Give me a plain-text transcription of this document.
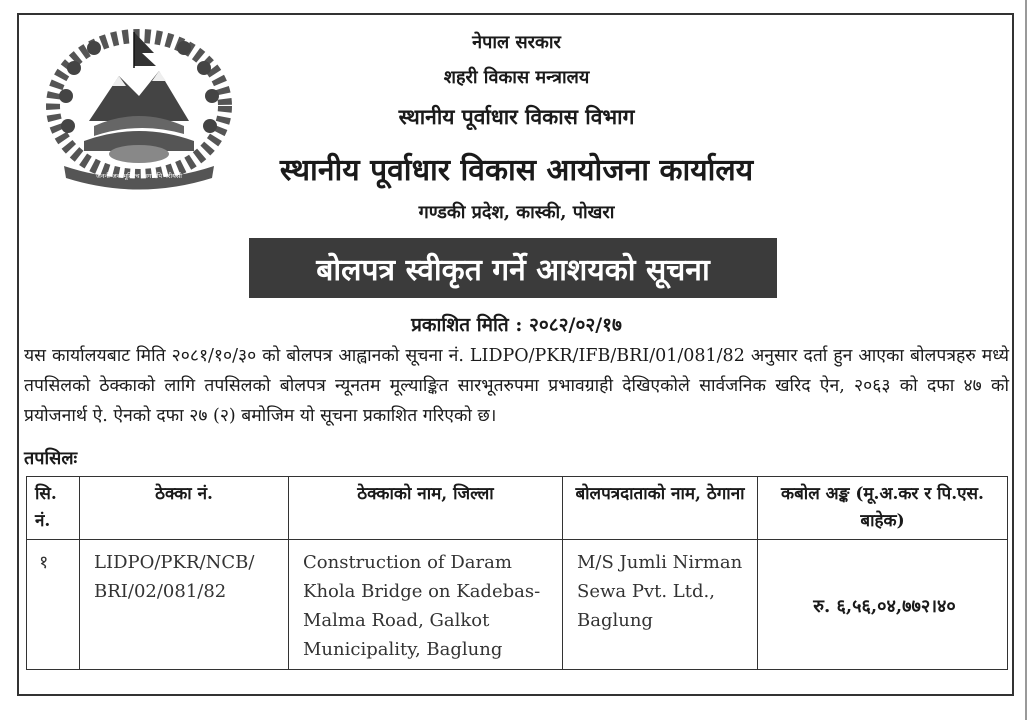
जननी जन्मभूमिश्च स्वर्गादपि गरीयसी
नेपाल सरकार
शहरी विकास मन्त्रालय
स्थानीय पूर्वाधार विकास विभाग
स्थानीय पूर्वाधार विकास आयोजना कार्यालय
गण्डकी प्रदेश, कास्की, पोखरा
बोलपत्र स्वीकृत गर्ने आशयको सूचना
प्रकाशित मिति : २०८२/०२/१७
यस कार्यालयबाट मिति २०८१/१०/३० को बोलपत्र आह्वानको सूचना नं. LIDPO/PKR/IFB/BRI/01/081/82 अनुसार दर्ता हुन आएका बोलपत्रहरु मध्ये तपसिलको ठेक्काको लागि तपसिलको बोलपत्र न्यूनतम मूल्याङ्कित सारभूतरुपमा प्रभावग्राही देखिएकोले सार्वजनिक खरिद ऐन, २०६३ को दफा ४७ को प्रयोजनार्थ ऐ. ऐनको दफा २७ (२) बमोजिम यो सूचना प्रकाशित गरिएको छ।
तपसिलः
सि. नं.	ठेक्का नं.	ठेक्काको नाम, जिल्ला	बोलपत्रदाताको नाम, ठेगाना	कबोल अङ्क (मू.अ.कर र पि.एस. बाहेक)
१	LIDPO/PKR/NCB/ BRI/02/081/82	Construction of Daram Khola Bridge on Kadebas-Malma Road, Galkot Municipality, Baglung	M/S Jumli Nirman Sewa Pvt. Ltd., Baglung	रु. ६,५६,०४,७७२।४०
